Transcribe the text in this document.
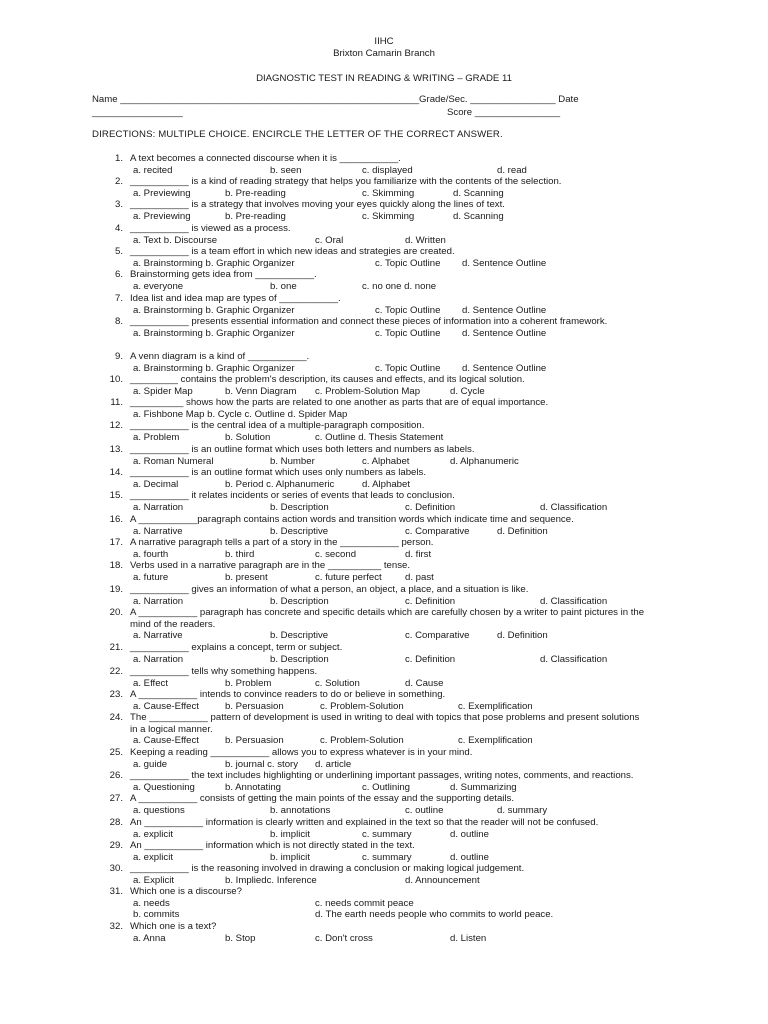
IIHC
Brixton Camarin Branch
DIAGNOSTIC TEST IN READING & WRITING – GRADE 11
Name ________________________________________________________Grade/Sec. ________________ Date
_________________	Score ________________
DIRECTIONS: MULTIPLE CHOICE. ENCIRCLE THE LETTER OF THE CORRECT ANSWER.
1. A text becomes a connected discourse when it is ___________.
a. recited	b. seen	c. displayed	d. read
2. ___________ is a kind of reading strategy that helps you familiarize with the contents of the selection.
a. Previewing	b. Pre-reading	c. Skimming	d. Scanning
3. ___________ is a strategy that involves moving your eyes quickly along the lines of text.
a. Previewing	b. Pre-reading	c. Skimming	d. Scanning
4. ___________ is viewed as a process.
a. Text b. Discourse	c. Oral	d. Written
5. ___________ is a team effort in which new ideas and strategies are created.
a. Brainstorming b. Graphic Organizer	c. Topic Outline d. Sentence Outline
6. Brainstorming gets idea from ___________.
a. everyone	b. one	c. no one d. none
7. Idea list and idea map are types of ___________.
a. Brainstorming b. Graphic Organizer	c. Topic Outline d. Sentence Outline
8. ___________ presents essential information and connect these pieces of information into a coherent framework.
a. Brainstorming b. Graphic Organizer	c. Topic Outline d. Sentence Outline
9. A venn diagram is a kind of ___________.
a. Brainstorming b. Graphic Organizer	c. Topic Outline d. Sentence Outline
10. _________ contains the problem's description, its causes and effects, and its logical solution.
a. Spider Map	b. Venn Diagram c. Problem-Solution Map	d. Cycle
11. __________ shows how the parts are related to one another as parts that are of equal importance.
a. Fishbone Map b. Cycle c. Outline d. Spider Map
12. ___________ is the central idea of a multiple-paragraph composition.
a. Problem	b. Solution	c. Outline d. Thesis Statement
13. ___________ is an outline format which uses both letters and numbers as labels.
a. Roman Numeral	b. Number	c. Alphabet	d. Alphanumeric
14. ___________ is an outline format which uses only numbers as labels.
a. Decimal	b. Period c. Alphanumeric	d. Alphabet
15. ___________ it relates incidents or series of events that leads to conclusion.
a. Narration	b. Description	c. Definition	d. Classification
16. A ___________paragraph contains action words and transition words which indicate time and sequence.
a. Narrative	b. Descriptive	c. Comparative	d. Definition
17. A narrative paragraph tells a part of a story in the ___________ person.
a. fourth	b. third	c. second	d. first
18. Verbs used in a narrative paragraph are in the __________ tense.
a. future	b. present	c. future perfect d. past
19. ___________ gives an information of what a person, an object, a place, and a situation is like.
a. Narration	b. Description	c. Definition	d. Classification
20. A ___________ paragraph has concrete and specific details which are carefully chosen by a writer to paint pictures in the
mind of the readers.
a. Narrative	b. Descriptive	c. Comparative	d. Definition
21. ___________ explains a concept, term or subject.
a. Narration	b. Description	c. Definition	d. Classification
22. ___________ tells why something happens.
a. Effect	b. Problem	c. Solution	d. Cause
23. A ___________ intends to convince readers to do or believe in something.
a. Cause-Effect	b. Persuasion	c. Problem-Solution	c. Exemplification
24. The ___________ pattern of development is used in writing to deal with topics that pose problems and present solutions
in a logical manner.
a. Cause-Effect	b. Persuasion	c. Problem-Solution	c. Exemplification
25. Keeping a reading ___________ allows you to express whatever is in your mind.
a. guide	b. journal c. story d. article
26. ___________ the text includes highlighting or underlining important passages, writing notes, comments, and reactions.
a. Questioning	b. Annotating	c. Outlining	d. Summarizing
27. A ___________ consists of getting the main points of the essay and the supporting details.
a. questions	b. annotations	c. outline	d. summary
28. An ___________ information is clearly written and explained in the text so that the reader will not be confused.
a. explicit	b. implicit	c. summary	d. outline
29. An ___________ information which is not directly stated in the text.
a. explicit	b. implicit	c. summary	d. outline
30. ___________ is the reasoning involved in drawing a conclusion or making logical judgement.
a. Explicit	b. Impliedc. Inference	d. Announcement
31. Which one is a discourse?
a. needs	c. needs commit peace
b. commits	d. The earth needs people who commits to world peace.
32. Which one is a text?
a. Anna	b. Stop	c. Don't cross	d. Listen
